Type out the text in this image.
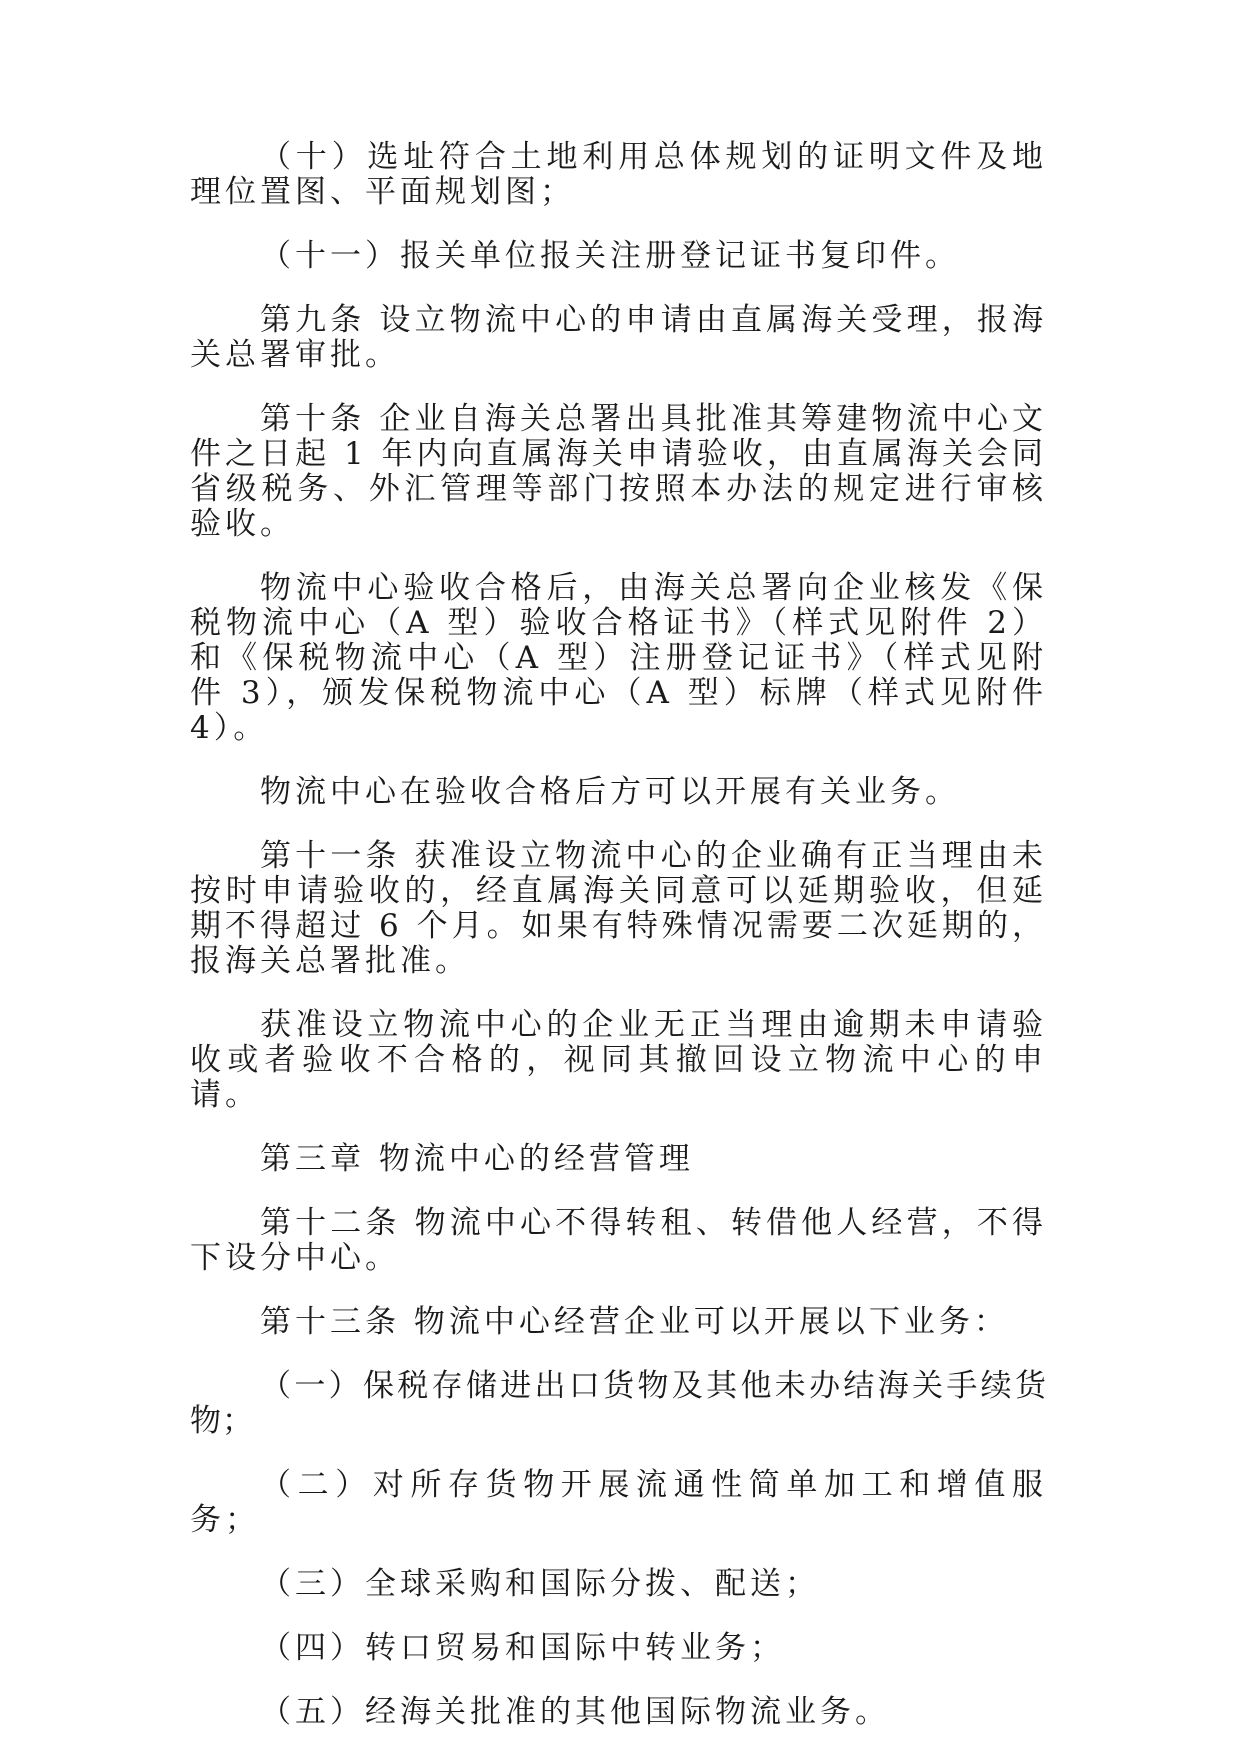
（十）选址符合土地利用总体规划的证明文件及地理位置图、平面规划图；

（十一）报关单位报关注册登记证书复印件。

第九条 设立物流中心的申请由直属海关受理，报海关总署审批。

第十条 企业自海关总署出具批准其筹建物流中心文件之日起 1 年内向直属海关申请验收，由直属海关会同省级税务、外汇管理等部门按照本办法的规定进行审核验收。

物流中心验收合格后，由海关总署向企业核发《保税物流中心（A 型）验收合格证书》（样式见附件 2）和《保税物流中心（A 型）注册登记证书》（样式见附件 3），颁发保税物流中心（A 型）标牌（样式见附件 4）。

物流中心在验收合格后方可以开展有关业务。

第十一条 获准设立物流中心的企业确有正当理由未按时申请验收的，经直属海关同意可以延期验收，但延期不得超过 6 个月。如果有特殊情况需要二次延期的，报海关总署批准。

获准设立物流中心的企业无正当理由逾期未申请验收或者验收不合格的，视同其撤回设立物流中心的申请。

第三章 物流中心的经营管理

第十二条 物流中心不得转租、转借他人经营，不得下设分中心。

第十三条 物流中心经营企业可以开展以下业务：

（一）保税存储进出口货物及其他未办结海关手续货物；

（二）对所存货物开展流通性简单加工和增值服务；

（三）全球采购和国际分拨、配送；

（四）转口贸易和国际中转业务；

（五）经海关批准的其他国际物流业务。
